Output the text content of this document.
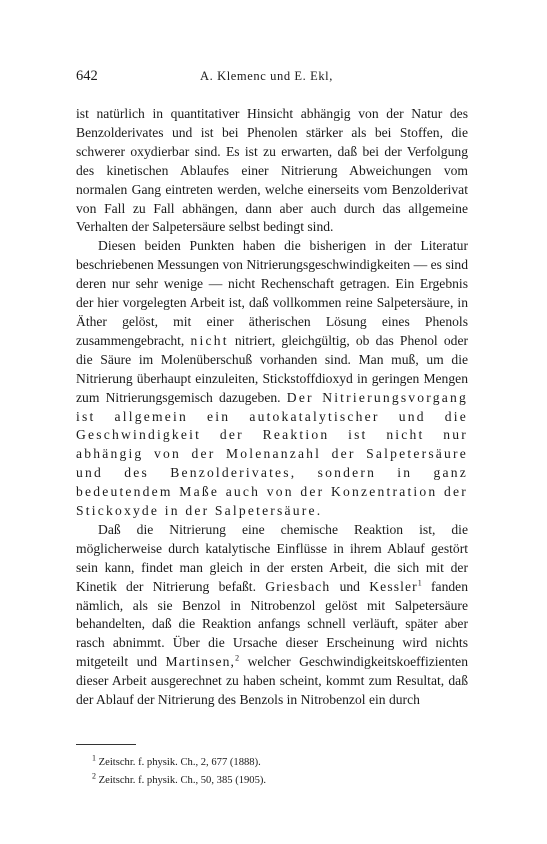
642	A. Klemenc und E. Ekl,

ist natürlich in quantitativer Hinsicht abhängig von der Natur des Benzolderivates und ist bei Phenolen stärker als bei Stoffen, die schwerer oxydierbar sind. Es ist zu erwarten, daß bei der Verfolgung des kinetischen Ablaufes einer Nitrierung Abweichungen vom normalen Gang eintreten werden, welche einerseits vom Benzolderivat von Fall zu Fall abhängen, dann aber auch durch das allgemeine Verhalten der Salpetersäure selbst bedingt sind.

Diesen beiden Punkten haben die bisherigen in der Literatur beschriebenen Messungen von Nitrierungsgeschwindigkeiten — es sind deren nur sehr wenige — nicht Rechenschaft getragen. Ein Ergebnis der hier vorgelegten Arbeit ist, daß vollkommen reine Salpetersäure, in Äther gelöst, mit einer ätherischen Lösung eines Phenols zusammengebracht, nicht nitriert, gleichgültig, ob das Phenol oder die Säure im Molenüberschuß vorhanden sind. Man muß, um die Nitrierung überhaupt einzuleiten, Stickstoffdioxyd in geringen Mengen zum Nitrierungsgemisch dazugeben. Der Nitrierungsvorgang ist allgemein ein autokatalytischer und die Geschwindigkeit der Reaktion ist nicht nur abhängig von der Molenanzahl der Salpetersäure und des Benzolderivates, sondern in ganz bedeutendem Maße auch von der Konzentration der Stickoxyde in der Salpetersäure.

Daß die Nitrierung eine chemische Reaktion ist, die möglicherweise durch katalytische Einflüsse in ihrem Ablauf gestört sein kann, findet man gleich in der ersten Arbeit, die sich mit der Kinetik der Nitrierung befaßt. Griesbach und Kessler$^1$ fanden nämlich, als sie Benzol in Nitrobenzol gelöst mit Salpetersäure behandelten, daß die Reaktion anfangs schnell verläuft, später aber rasch abnimmt. Über die Ursache dieser Erscheinung wird nichts mitgeteilt und Martinsen,$^2$ welcher Geschwindigkeitskoeffizienten dieser Arbeit ausgerechnet zu haben scheint, kommt zum Resultat, daß der Ablauf der Nitrierung des Benzols in Nitrobenzol ein durch

$^1$ Zeitschr. f. physik. Ch., 2, 677 (1888).
$^2$ Zeitschr. f. physik. Ch., 50, 385 (1905).
